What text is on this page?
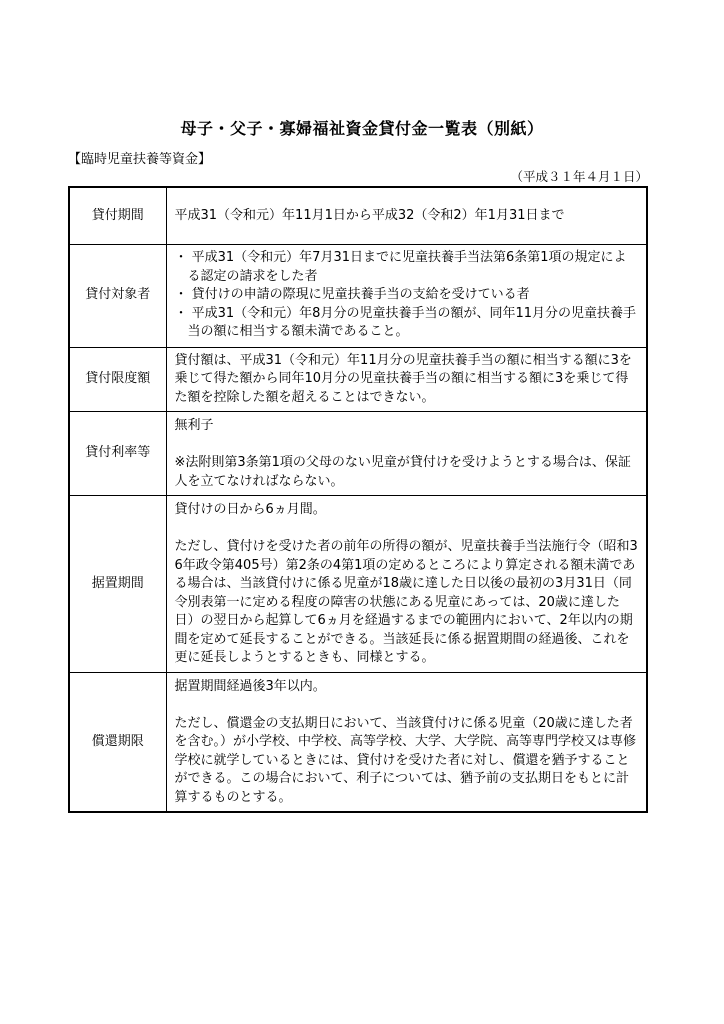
母子・父子・寡婦福祉資金貸付金一覧表（別紙）
【臨時児童扶養等資金】
（平成３１年４月１日）
貸付期間	平成31（令和元）年11月1日から平成32（令和2）年1月31日まで

貸付対象者	・ 平成31（令和元）年7月31日までに児童扶養手当法第6条第1項の規定による認定の請求をした者

・ 貸付けの申請の際現に児童扶養手当の支給を受けている者

・ 平成31（令和元）年8月分の児童扶養手当の額が、同年11月分の児童扶養手当の額に相当する額未満であること。

貸付限度額	貸付額は、平成31（令和元）年11月分の児童扶養手当の額に相当する額に3を乗じて得た額から同年10月分の児童扶養手当の額に相当する額に3を乗じて得た額を控除した額を超えることはできない。

貸付利率等	無利子

※法附則第3条第1項の父母のない児童が貸付けを受けようとする場合は、保証人を立てなければならない。

据置期間	貸付けの日から6ヵ月間。

ただし、貸付けを受けた者の前年の所得の額が、児童扶養手当法施行令（昭和36年政令第405号）第2条の4第1項の定めるところにより算定される額未満である場合は、当該貸付けに係る児童が18歳に達した日以後の最初の3月31日（同令別表第一に定める程度の障害の状態にある児童にあっては、20歳に達した日）の翌日から起算して6ヵ月を経過するまでの範囲内において、2年以内の期間を定めて延長することができる。当該延長に係る据置期間の経過後、これを更に延長しようとするときも、同様とする。

償還期限	据置期間経過後3年以内。

ただし、償還金の支払期日において、当該貸付けに係る児童（20歳に達した者を含む。）が小学校、中学校、高等学校、大学、大学院、高等専門学校又は専修学校に就学しているときには、貸付けを受けた者に対し、償還を猶予することができる。この場合において、利子については、猶予前の支払期日をもとに計算するものとする。
